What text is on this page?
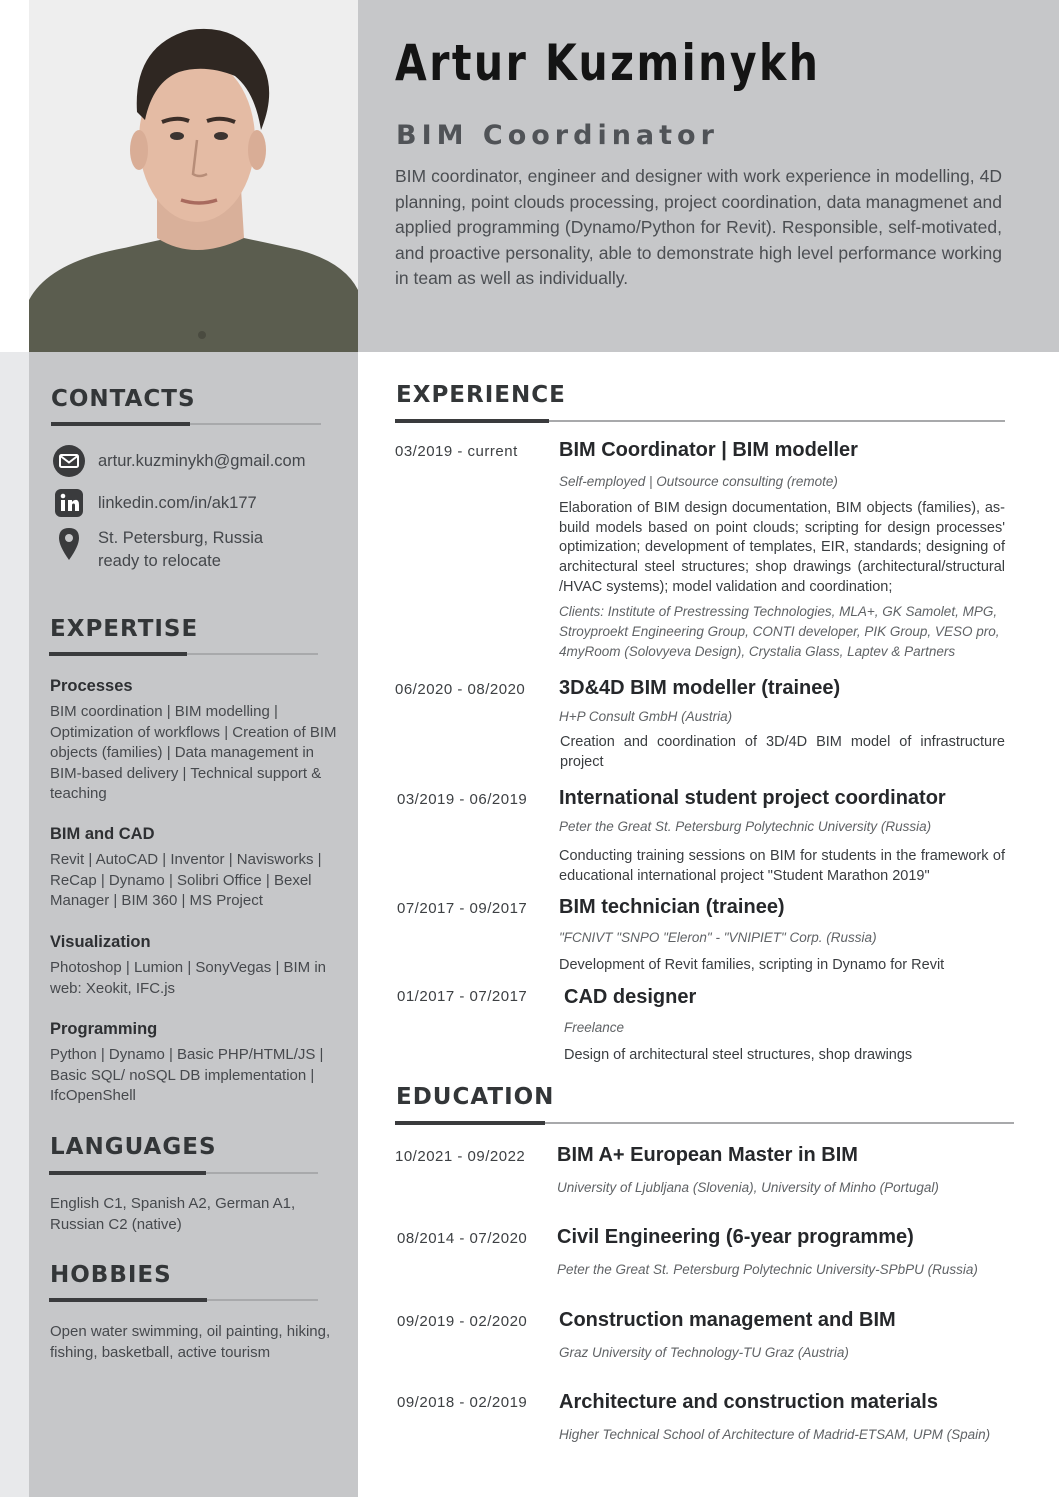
Artur Kuzminykh
BIM Coordinator
BIM coordinator, engineer and designer with work experience in modelling, 4D planning, point clouds processing, project coordination, data managmenet and applied programming (Dynamo/Python for Revit). Responsible, self-motivated, and proactive personality, able to demonstrate high level performance working in team as well as individually.
CONTACTS
artur.kuzminykh@gmail.com
linkedin.com/in/ak177
St. Petersburg, Russia
ready to relocate
EXPERTISE
Processes

BIM coordination | BIM modelling | Optimization of workflows | Creation of BIM objects (families) | Data management in BIM-based delivery | Technical support & teaching

BIM and CAD

Revit | AutoCAD | Inventor | Navisworks | ReCap | Dynamo | Solibri Office | Bexel Manager | BIM 360 | MS Project

Visualization

Photoshop | Lumion | SonyVegas | BIM in web: Xeokit, IFC.js

Programming

Python | Dynamo | Basic PHP/HTML/JS | Basic SQL/ noSQL DB implementation | IfcOpenShell

LANGUAGES

English C1, Spanish A2, German A1, Russian C2 (native)

HOBBIES

Open water swimming, oil painting, hiking, fishing, basketball, active tourism

EXPERIENCE
03/2019 - current BIM Coordinator | BIM modeller
Self-employed | Outsource consulting (remote)
Elaboration of BIM design documentation, BIM objects (families), as-build models based on point clouds; scripting for design processes' optimization; development of templates, EIR, standards; designing of architectural steel structures; shop drawings (architectural/structural /HVAC systems); model validation and coordination;
Clients: Institute of Prestressing Technologies, MLA+, GK Samolet, MPG, Stroyproekt Engineering Group, CONTI developer, PIK Group, VESO pro, 4myRoom (Solovyeva Design), Crystalia Glass, Laptev & Partners
06/2020 - 08/2020 3D&4D BIM modeller (trainee)
H+P Consult GmbH (Austria)
Creation and coordination of 3D/4D BIM model of infrastructure project
03/2019 - 06/2019 International student project coordinator
Peter the Great St. Petersburg Polytechnic University (Russia)
Conducting training sessions on BIM for students in the framework of educational international project "Student Marathon 2019"
07/2017 - 09/2017 BIM technician (trainee)
"FCNIVT "SNPO "Eleron" - "VNIPIET" Corp. (Russia)
Development of Revit families, scripting in Dynamo for Revit
01/2017 - 07/2017 CAD designer
Freelance
Design of architectural steel structures, shop drawings
EDUCATION
10/2021 - 09/2022 BIM A+ European Master in BIM
University of Ljubljana (Slovenia), University of Minho (Portugal)
08/2014 - 07/2020 Civil Engineering (6-year programme)
Peter the Great St. Petersburg Polytechnic University-SPbPU (Russia)
09/2019 - 02/2020 Construction management and BIM
Graz University of Technology-TU Graz (Austria)
09/2018 - 02/2019 Architecture and construction materials
Higher Technical School of Architecture of Madrid-ETSAM, UPM (Spain)
